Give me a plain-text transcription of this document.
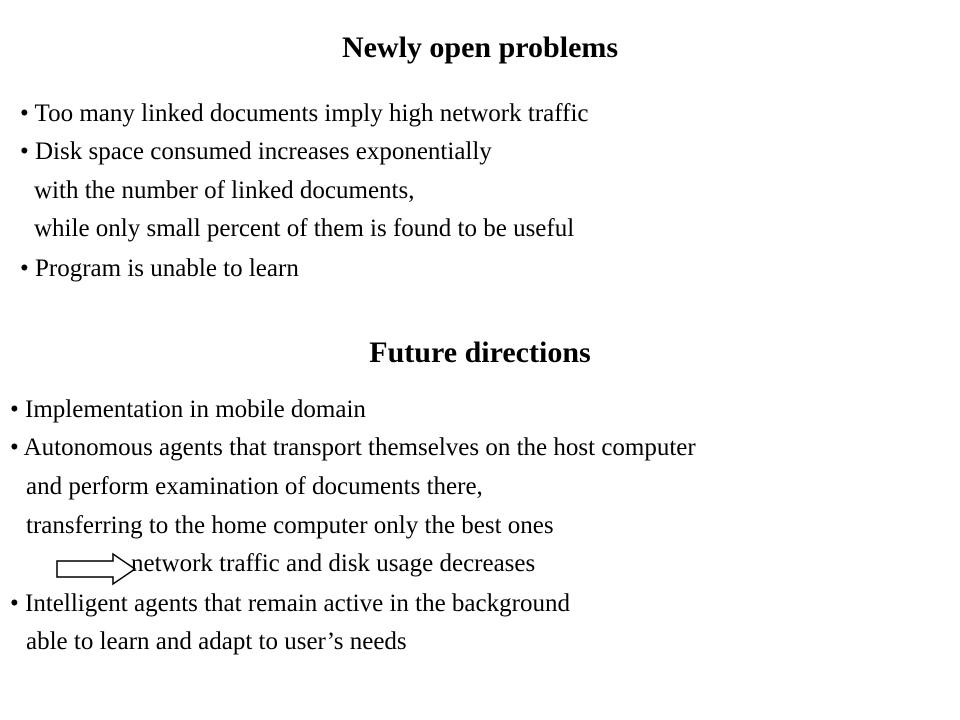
Newly open problems

• Too many linked documents imply high network traffic

• Disk space consumed increases exponentially

with the number of linked documents,

while only small percent of them is found to be useful

• Program is unable to learn

Future directions

• Implementation in mobile domain

• Autonomous agents that transport themselves on the host computer

and perform examination of documents there,

transferring to the home computer only the best ones

network traffic and disk usage decreases

• Intelligent agents that remain active in the background

able to learn and adapt to user’s needs
